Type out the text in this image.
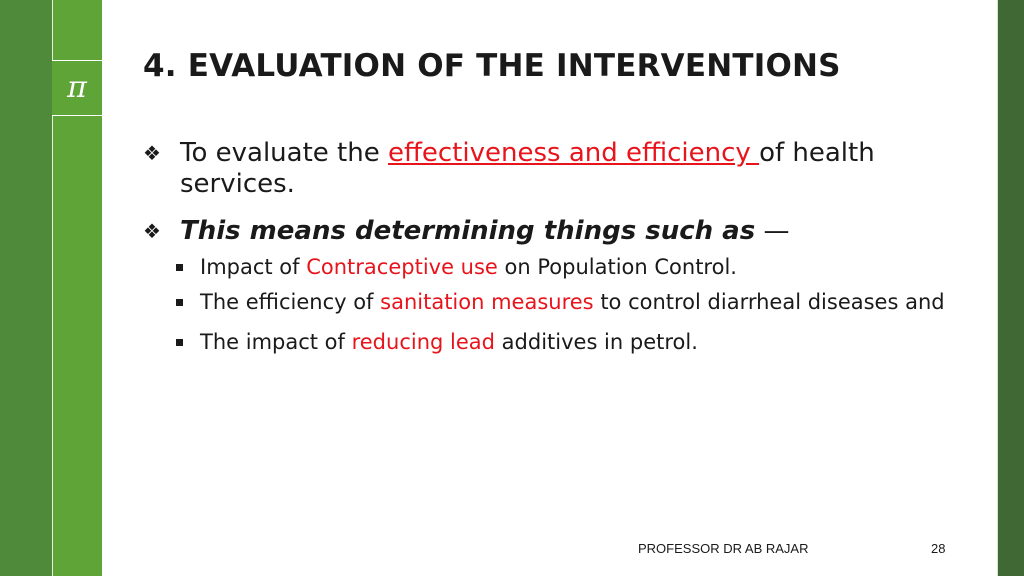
π
4. EVALUATION OF THE INTERVENTIONS

❖ To evaluate the effectiveness and efficiency of health services.

❖ This means determining things such as —

Impact of Contraceptive use on Population Control.

The efficiency of sanitation measures to control diarrheal diseases and

The impact of reducing lead additives in petrol.

PROFESSOR DR AB RAJAR	28
